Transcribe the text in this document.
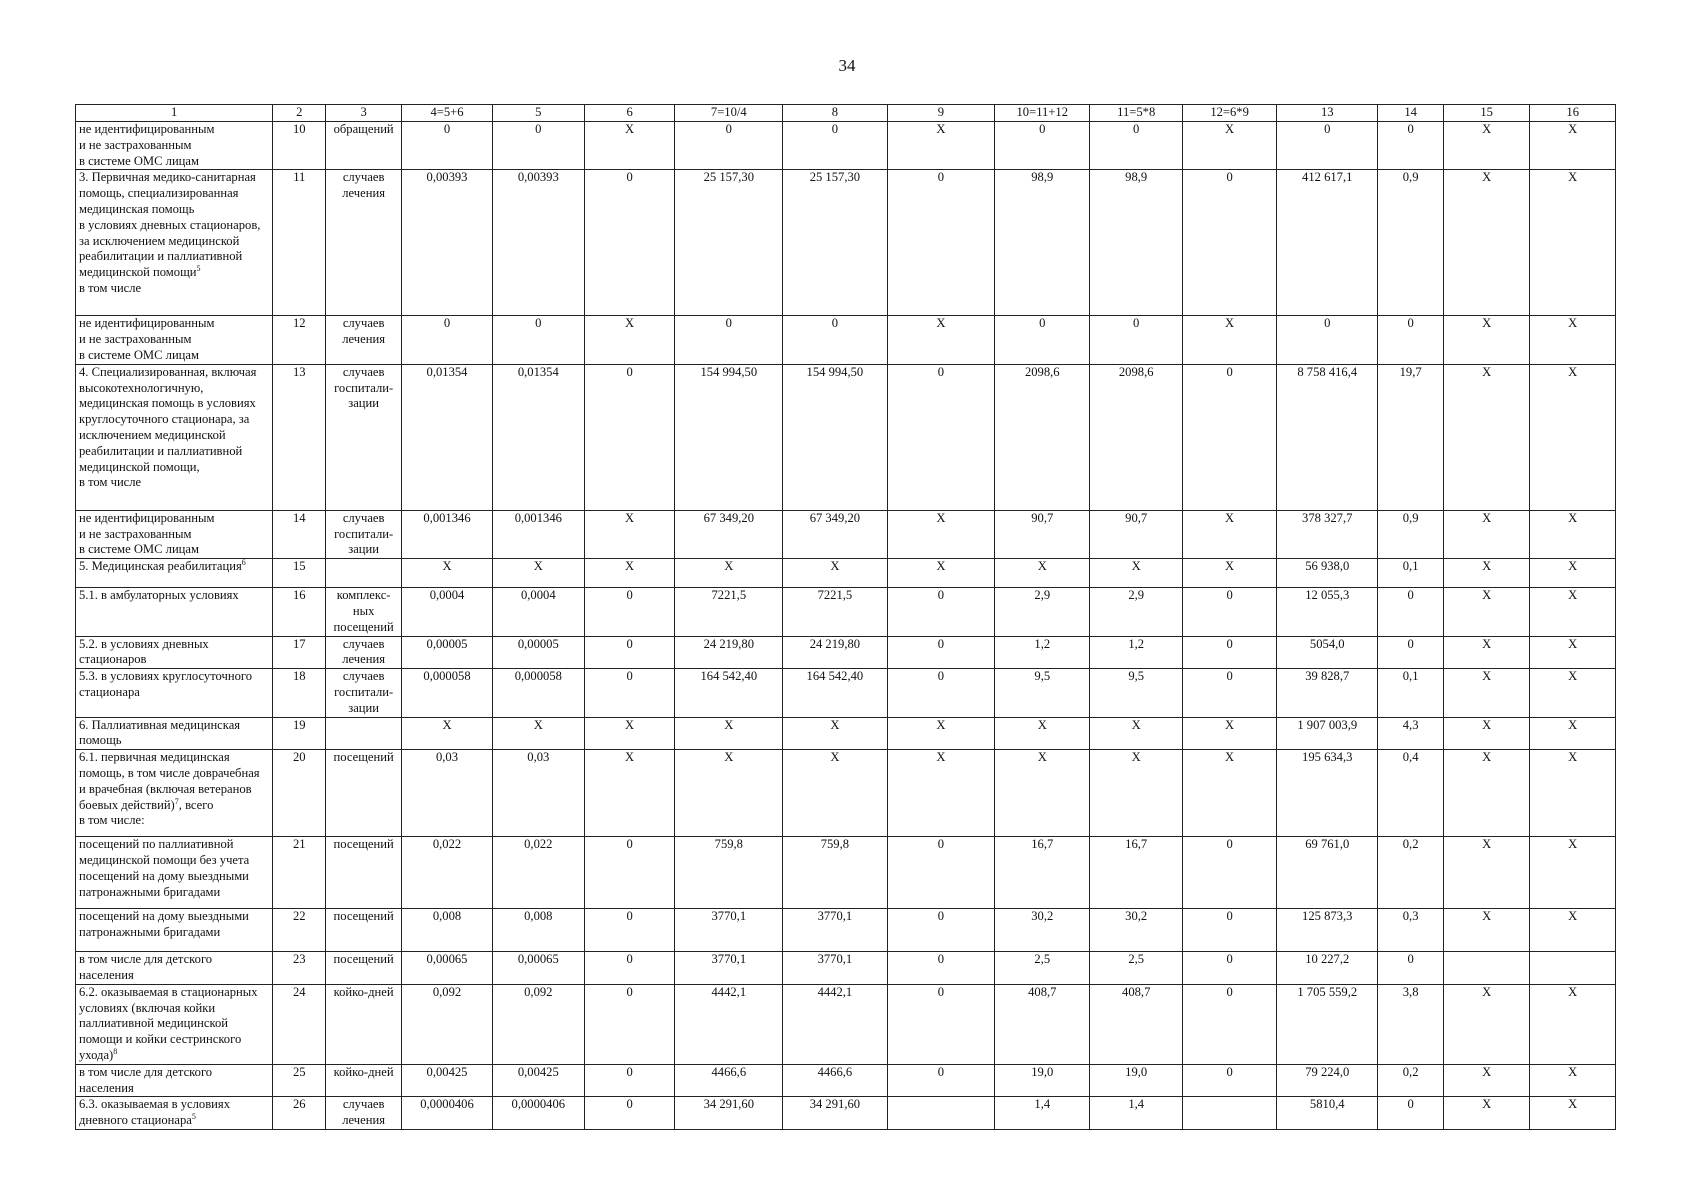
34
1	2	3	4=5+6	5	6	7=10/4	8	9	10=11+12	11=5*8	12=6*9	13	14	15	16
не идентифицированным
и не застрахованным
в системе ОМС лицам	10	обращений	0	0	Х	0	0	Х	0	0	Х	0	0	Х	Х
3. Первичная медико-санитарная помощь, специализированная медицинская помощь
в условиях дневных стационаров, за исключением медицинской реабилитации и паллиативной медицинской помощи$^5$
в том числе	11	случаев лечения	0,00393	0,00393	0	25 157,30	25 157,30	0	98,9	98,9	0	412 617,1	0,9	Х	Х
не идентифицированным
и не застрахованным
в системе ОМС лицам	12	случаев лечения	0	0	Х	0	0	Х	0	0	Х	0	0	Х	Х
4. Специализированная, включая высокотехнологичную, медицинская помощь в условиях круглосуточного стационара, за исключением медицинской реабилитации и паллиативной медицинской помощи,
в том числе	13	случаев госпитали-зации	0,01354	0,01354	0	154 994,50	154 994,50	0	2098,6	2098,6	0	8 758 416,4	19,7	Х	Х
не идентифицированным
и не застрахованным
в системе ОМС лицам	14	случаев госпитали-зации	0,001346	0,001346	Х	67 349,20	67 349,20	Х	90,7	90,7	Х	378 327,7	0,9	Х	Х
5. Медицинская реабилитация$^6$	15		Х	Х	Х	Х	Х	Х	Х	Х	Х	56 938,0	0,1	Х	Х
5.1. в амбулаторных условиях	16	комплекс-ных посещений	0,0004	0,0004	0	7221,5	7221,5	0	2,9	2,9	0	12 055,3	0	Х	Х
5.2. в условиях дневных стационаров	17	случаев лечения	0,00005	0,00005	0	24 219,80	24 219,80	0	1,2	1,2	0	5054,0	0	Х	Х
5.3. в условиях круглосуточного стационара	18	случаев госпитали-зации	0,000058	0,000058	0	164 542,40	164 542,40	0	9,5	9,5	0	39 828,7	0,1	Х	Х
6. Паллиативная медицинская помощь	19		Х	Х	Х	Х	Х	Х	Х	Х	Х	1 907 003,9	4,3	Х	Х
6.1. первичная медицинская помощь, в том числе доврачебная и врачебная (включая ветеранов боевых действий)$^7$, всего
в том числе:	20	посещений	0,03	0,03	Х	Х	Х	Х	Х	Х	Х	195 634,3	0,4	Х	Х
посещений по паллиативной медицинской помощи без учета посещений на дому выездными патронажными бригадами	21	посещений	0,022	0,022	0	759,8	759,8	0	16,7	16,7	0	69 761,0	0,2	Х	Х
посещений на дому выездными патронажными бригадами	22	посещений	0,008	0,008	0	3770,1	3770,1	0	30,2	30,2	0	125 873,3	0,3	Х	Х
в том числе для детского населения	23	посещений	0,00065	0,00065	0	3770,1	3770,1	0	2,5	2,5	0	10 227,2	0		
6.2. оказываемая в стационарных условиях (включая койки паллиативной медицинской помощи и койки сестринского ухода)$^8$	24	койко-дней	0,092	0,092	0	4442,1	4442,1	0	408,7	408,7	0	1 705 559,2	3,8	Х	Х
в том числе для детского населения	25	койко-дней	0,00425	0,00425	0	4466,6	4466,6	0	19,0	19,0	0	79 224,0	0,2	Х	Х
6.3. оказываемая в условиях дневного стационара$^5$	26	случаев лечения	0,0000406	0,0000406	0	34 291,60	34 291,60		1,4	1,4		5810,4	0	Х	Х
